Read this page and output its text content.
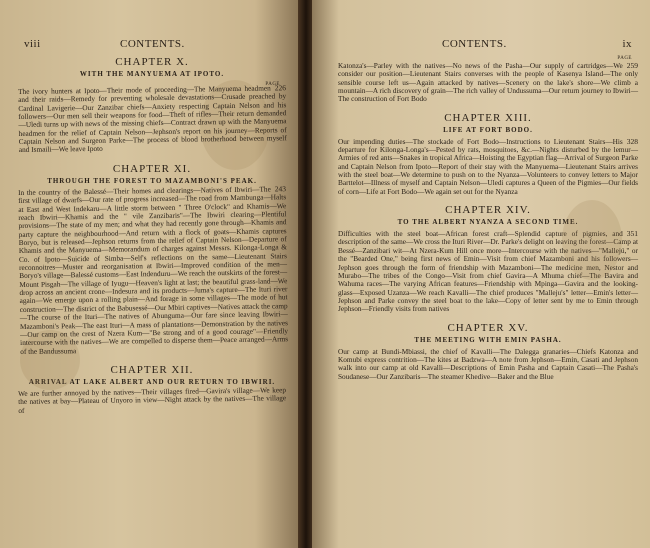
viii	CONTENTS.
CHAPTER X.
WITH THE MANYUEMA AT IPOTO.
PAGE

226
The ivory hunters at Ipoto—Their mode of proceeding—The Manyuema headmen and their raids—Remedy for preventing wholesale devastations—Crusade preached by Cardinal Lavigerie—Our Zanzibar chiefs—Anxiety respecting Captain Nelson and his followers—Our men sell their weapons for food—Theft of rifles—Their return demanded—Uledi turns up with news of the missing chiefs—Contract drawn up with the Manyuema headmen for the relief of Captain Nelson—Jephson's report on his journey—Reports of Captain Nelson and Surgeon Parke—The process of blood brotherhood between myself and Ismaili—We leave Ipoto

CHAPTER XI.
THROUGH THE FOREST TO MAZAMBONI'S PEAK.

243
In the country of the Balessé—Their homes and clearings—Natives of Ibwiri—The first village of dwarfs—Our rate of progress increased—The road from Mambunga—Halts at East and West Indekaru—A little storm between " Three O'clock" and Khamis—We reach Ibwiri—Khamis and the " vile Zanzibaris"—The Ibwiri clearing—Plentiful provisions—The state of my men; and what they had recently gone through—Khamis and party capture the neighbourhood—And return with a flock of goats—Khamis captures Boryo, but is released—Jephson returns from the relief of Captain Nelson—Departure of Khamis and the Manyuema—Memorandum of charges against Messrs. Kilonga-Longa & Co. of Ipoto—Suicide of Simba—Self's reflections on the same—Lieutenant Stairs reconnoitres—Muster and reorganisation at Ibwiri—Improved condition of the men—Boryo's village—Balessé customs—East Indenduru—We reach the outskirts of the forest—Mount Pisgah—The village of Iyugu—Heaven's light at last; the beautiful grass-land—We drop across an ancient crone—Indesura and its products—Juma's capture—The Ituri river again—We emerge upon a rolling plain—And forage in some villages—The mode of hut construction—The district of the Babusessé—Our Mbiri captives—Natives attack the camp—The course of the Ituri—The natives of Abunguma—Our fare since leaving Ibwiri—Mazamboni's Peak—The east Ituri—A mass of plantations—Demonstration by the natives—Our camp on the crest of Nzera Kum—"Be strong and of a good courage"—Friendly intercourse with the natives—We are compelled to disperse them—Peace arranged—Arms of the Bandussuma

CHAPTER XII.
ARRIVAL AT LAKE ALBERT AND OUR RETURN TO IBWIRI.

We are further annoyed by the natives—Their villages fired—Gavira's village—We keep the natives at bay—Plateau of Unyoro in view—Night attack by the natives—The village of

CONTENTS.	ix
PAGE

259
Katonza's—Parley with the natives—No news of the Pasha—Our supply of cartridges—We consider our position—Lieutenant Stairs converses with the people of Kasenya Island—The only sensible course left us—Again attacked by natives—Scenery on the lake's shore—We climb a mountain—A rich discovery of grain—The rich valley of Undussuma—Our return journey to Ibwiri—The construction of Fort Bodo

CHAPTER XIII.
LIFE AT FORT BODO.

328
Our impending duties—The stockade of Fort Bodo—Instructions to Lieutenant Stairs—His departure for Kilonga-Longa's—Pested by rats, mosquitoes, &c.—Nights disturbed by the lemur—Armies of red ants—Snakes in tropical Africa—Hoisting the Egyptian flag—Arrival of Surgeon Parke and Captain Nelson from Ipoto—Report of their stay with the Manyuema—Lieutenant Stairs arrives with the steel boat—We determine to push on to the Nyanza—Volunteers to convey letters to Major Barttelot—Illness of myself and Captain Nelson—Uledi captures a Queen of the Pigmies—Our fields of corn—Life at Fort Bodo—We again set out for the Nyanza

CHAPTER XIV.
TO THE ALBERT NYANZA A SECOND TIME.

351
Difficulties with the steel boat—African forest craft—Splendid capture of pigmies, and description of the same—We cross the Ituri River—Dr. Parke's delight on leaving the forest—Camp at Bessé—Zanzibari wit—At Nzera-Kum Hill once more—Intercourse with the natives—"Mallejú," or the "Bearded One," being first news of Emin—Visit from chief Mazamboni and his followers—Jephson goes through the form of friendship with Mazamboni—The medicine men, Nestor and Murabo—The tribes of the Congo—Visit from chief Gavira—A Mhuma chief—The Bavira and Wahuma races—The varying African features—Friendship with Mpinga—Gavira and the looking-glass—Exposed Uzanza—We reach Kavalli—The chief produces "Malleju's" letter—Emin's letter—Jephson and Parke convey the steel boat to the lake—Copy of letter sent by me to Emin through Jephson—Friendly visits from natives

CHAPTER XV.
THE MEETING WITH EMIN PASHA.

Our camp at Bundi-Mbiassi, the chief of Kavalli—The Dalegga granaries—Chiefs Katonza and Komubi express contrition—The kites at Badzwa—A note from Jephson—Emin, Casati and Jephson walk into our camp at old Kavalli—Descriptions of Emin Pasha and Captain Casati—The Pasha's Soudanese—Our Zanzibaris—The steamer Khedive—Baker and the Blue
